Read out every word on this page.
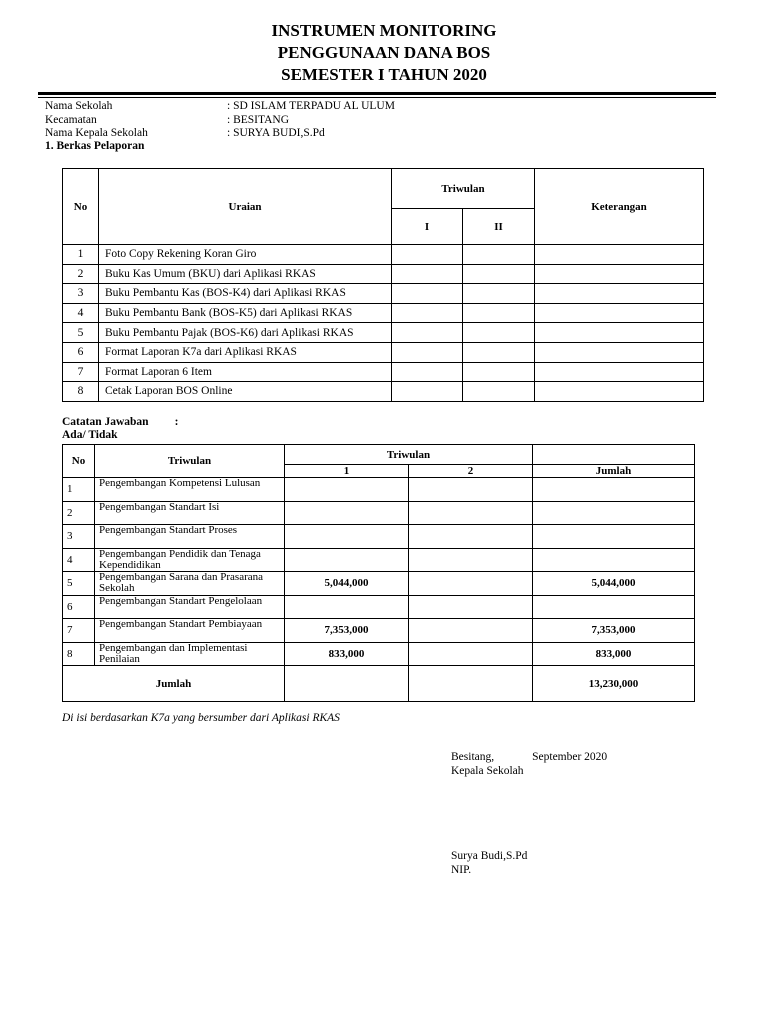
INSTRUMEN MONITORING
PENGGUNAAN DANA BOS
SEMESTER I TAHUN 2020
Nama Sekolah	: SD ISLAM TERPADU AL ULUM
Kecamatan	: BESITANG
Nama Kepala Sekolah	: SURYA BUDI,S.Pd
1. Berkas Pelaporan
No	Uraian	Triwulan		Keterangan
		I	II	
1	Foto Copy Rekening Koran Giro			
2	Buku Kas Umum (BKU) dari Aplikasi RKAS			
3	Buku Pembantu Kas (BOS-K4) dari Aplikasi RKAS			
4	Buku Pembantu Bank (BOS-K5) dari Aplikasi RKAS			
5	Buku Pembantu Pajak (BOS-K6) dari Aplikasi RKAS			
6	Format Laporan K7a dari Aplikasi RKAS			
7	Format Laporan 6 Item			
8	Cetak Laporan BOS Online			
Catatan Jawaban :
Ada/ Tidak
No	Triwulan	Triwulan		
		1	2	Jumlah
1	Pengembangan Kompetensi Lulusan			
2	Pengembangan Standart Isi			
3	Pengembangan Standart Proses			
4	Pengembangan Pendidik dan Tenaga Kependidikan			
5	Pengembangan Sarana dan Prasarana Sekolah	5,044,000		5,044,000
6	Pengembangan Standart Pengelolaan			
7	Pengembangan Standart Pembiayaan	7,353,000		7,353,000
8	Pengembangan dan Implementasi Penilaian	833,000		833,000
Jumlah				13,230,000
Di isi berdasarkan K7a yang bersumber dari Aplikasi RKAS
Besitang,	September 2020
Kepala Sekolah
Surya Budi,S.Pd
NIP.
